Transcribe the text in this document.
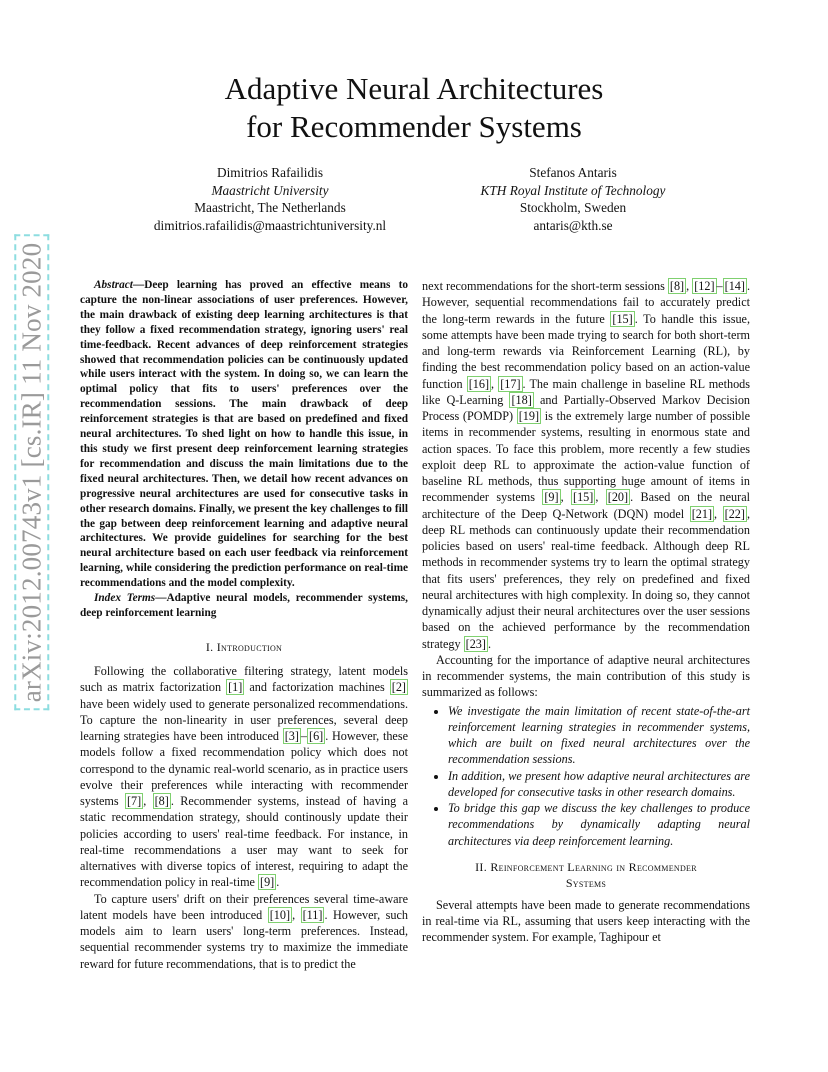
arXiv:2012.00743v1 [cs.IR] 11 Nov 2020
Adaptive Neural Architectures
for Recommender Systems
Dimitrios Rafailidis
Maastricht University
Maastricht, The Netherlands
dimitrios.rafailidis@maastrichtuniversity.nl
Stefanos Antaris
KTH Royal Institute of Technology
Stockholm, Sweden
antaris@kth.se

Abstract—Deep learning has proved an effective means to capture the non-linear associations of user preferences. However, the main drawback of existing deep learning architectures is that they follow a fixed recommendation strategy, ignoring users' real time-feedback. Recent advances of deep reinforcement strategies showed that recommendation policies can be continuously updated while users interact with the system. In doing so, we can learn the optimal policy that fits to users' preferences over the recommendation sessions. The main drawback of deep reinforcement strategies is that are based on predefined and fixed neural architectures. To shed light on how to handle this issue, in this study we first present deep reinforcement learning strategies for recommendation and discuss the main limitations due to the fixed neural architectures. Then, we detail how recent advances on progressive neural architectures are used for consecutive tasks in other research domains. Finally, we present the key challenges to fill the gap between deep reinforcement learning and adaptive neural architectures. We provide guidelines for searching for the best neural architecture based on each user feedback via reinforcement learning, while considering the prediction performance on real-time recommendations and the model complexity.

Index Terms—Adaptive neural models, recommender systems, deep reinforcement learning

I. Introduction

Following the collaborative filtering strategy, latent models such as matrix factorization [1] and factorization machines [2] have been widely used to generate personalized recommendations. To capture the non-linearity in user preferences, several deep learning strategies have been introduced [3] – [6] . However, these models follow a fixed recommendation policy which does not correspond to the dynamic real-world scenario, as in practice users evolve their preferences while interacting with recommender systems [7] , [8] . Recommender systems, instead of having a static recommendation strategy, should continously update their policies according to users' real-time feedback. For instance, in real-time recommendations a user may want to seek for alternatives with diverse topics of interest, requiring to adapt the recommendation policy in real-time [9] .

To capture users' drift on their preferences several time-aware latent models have been introduced [10] , [11] . However, such models aim to learn users' long-term preferences. Instead, sequential recommender systems try to maximize the immediate reward for future recommendations, that is to predict the

next recommendations for the short-term sessions [8] , [12] – [14] . However, sequential recommendations fail to accurately predict the long-term rewards in the future [15] . To handle this issue, some attempts have been made trying to search for both short-term and long-term rewards via Reinforcement Learning (RL), by finding the best recommendation policy based on an action-value function [16] , [17] . The main challenge in baseline RL methods like Q-Learning [18] and Partially-Observed Markov Decision Process (POMDP) [19] is the extremely large number of possible items in recommender systems, resulting in enormous state and action spaces. To face this problem, more recently a few studies exploit deep RL to approximate the action-value function of baseline RL methods, thus supporting huge amount of items in recommender systems [9] , [15] , [20] . Based on the neural architecture of the Deep Q-Network (DQN) model [21] , [22] , deep RL methods can continuously update their recommendation policies based on users' real-time feedback. Although deep RL methods in recommender systems try to learn the optimal strategy that fits users' preferences, they rely on predefined and fixed neural architectures with high complexity. In doing so, they cannot dynamically adjust their neural architectures over the user sessions based on the achieved performance by the recommendation strategy [23] .

Accounting for the importance of adaptive neural architectures in recommender systems, the main contribution of this study is summarized as follows:

• We investigate the main limitation of recent state-of-the-art reinforcement learning strategies in recommender systems, which are built on fixed neural architectures over the recommendation sessions.
• In addition, we present how adaptive neural architectures are developed for consecutive tasks in other research domains.
• To bridge this gap we discuss the key challenges to produce recommendations by dynamically adapting neural architectures via deep reinforcement learning.
II. Reinforcement Learning in Recommender
Systems

Several attempts have been made to generate recommendations in real-time via RL, assuming that users keep interacting with the recommender system. For example, Taghipour et
